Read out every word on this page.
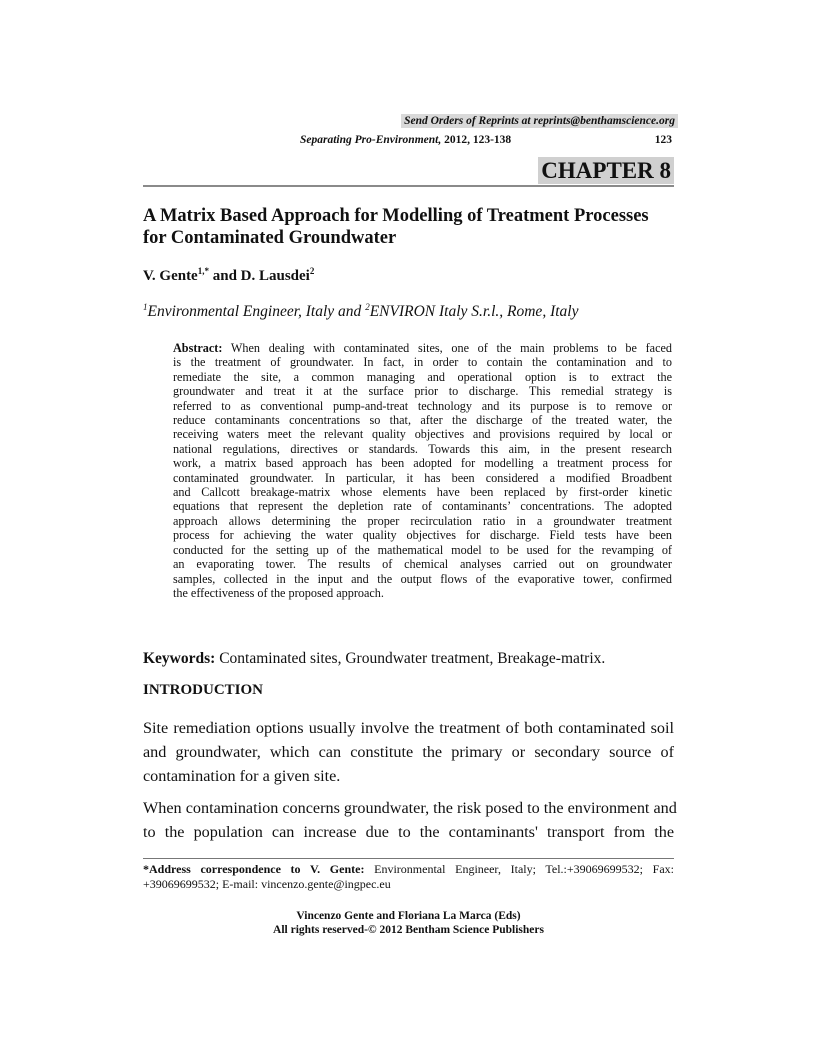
Send Orders of Reprints at reprints@benthamscience.org
Separating Pro-Environment, 2012, 123-138	123
CHAPTER 8
A Matrix Based Approach for Modelling of Treatment Processes
for Contaminated Groundwater
V. Gente$^{1,*}$ and D. Lausdei$^2$
$^1$Environmental Engineer, Italy and $^2$ENVIRON Italy S.r.l., Rome, Italy
Abstract: When dealing with contaminated sites, one of the main problems to be faced
is the treatment of groundwater. In fact, in order to contain the contamination and to
remediate the site, a common managing and operational option is to extract the
groundwater and treat it at the surface prior to discharge. This remedial strategy is
referred to as conventional pump-and-treat technology and its purpose is to remove or
reduce contaminants concentrations so that, after the discharge of the treated water, the
receiving waters meet the relevant quality objectives and provisions required by local or
national regulations, directives or standards. Towards this aim, in the present research
work, a matrix based approach has been adopted for modelling a treatment process for
contaminated groundwater. In particular, it has been considered a modified Broadbent
and Callcott breakage-matrix whose elements have been replaced by first-order kinetic
equations that represent the depletion rate of contaminants’ concentrations. The adopted
approach allows determining the proper recirculation ratio in a groundwater treatment
process for achieving the water quality objectives for discharge. Field tests have been
conducted for the setting up of the mathematical model to be used for the revamping of
an evaporating tower. The results of chemical analyses carried out on groundwater
samples, collected in the input and the output flows of the evaporative tower, confirmed
the effectiveness of the proposed approach.
Keywords: Contaminated sites, Groundwater treatment, Breakage-matrix.
INTRODUCTION
Site remediation options usually involve the treatment of both contaminated soil
and groundwater, which can constitute the primary or secondary source of
contamination for a given site.
When contamination concerns groundwater, the risk posed to the environment and
to the population can increase due to the contaminants' transport from the
*Address correspondence to V. Gente: Environmental Engineer, Italy; Tel.:+39069699532; Fax:
+39069699532; E-mail: vincenzo.gente@ingpec.eu
Vincenzo Gente and Floriana La Marca (Eds)
All rights reserved-© 2012 Bentham Science Publishers
